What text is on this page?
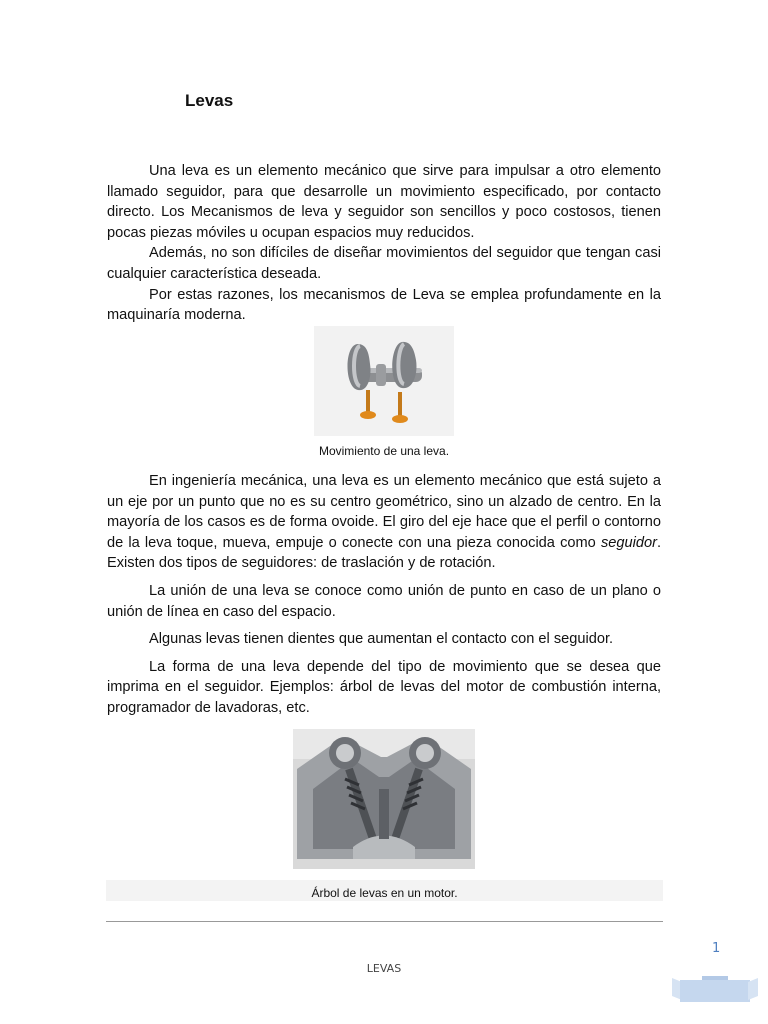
Levas

Una leva es un elemento mecánico que sirve para impulsar a otro elemento llamado seguidor, para que desarrolle un movimiento especificado, por contacto directo. Los Mecanismos de leva y seguidor son sencillos y poco costosos, tienen pocas piezas móviles u ocupan espacios muy reducidos.

Además, no son difíciles de diseñar movimientos del seguidor que tengan casi cualquier característica deseada.

Por estas razones, los mecanismos de Leva se emplea profundamente en la maquinaría moderna.

Movimiento de una leva.

En ingeniería mecánica, una leva es un elemento mecánico que está sujeto a un eje por un punto que no es su centro geométrico, sino un alzado de centro. En la mayoría de los casos es de forma ovoide. El giro del eje hace que el perfil o contorno de la leva toque, mueva, empuje o conecte con una pieza conocida como seguidor. Existen dos tipos de seguidores: de traslación y de rotación.

La unión de una leva se conoce como unión de punto en caso de un plano o unión de línea en caso del espacio.

Algunas levas tienen dientes que aumentan el contacto con el seguidor.

La forma de una leva depende del tipo de movimiento que se desea que imprima en el seguidor. Ejemplos: árbol de levas del motor de combustión interna, programador de lavadoras, etc.

Árbol de levas en un motor.

1
LEVAS
